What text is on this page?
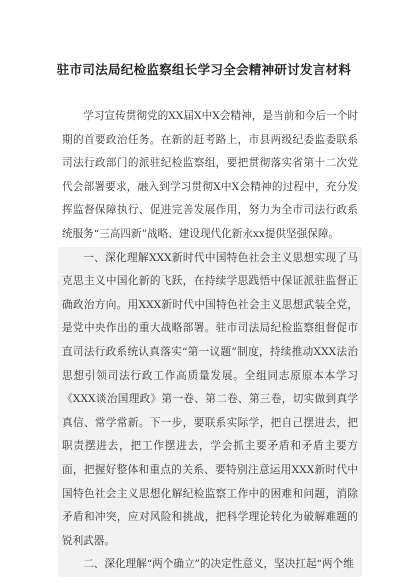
驻市司法局纪检监察组长学习全会精神研讨发言材料

学习宣传贯彻党的XX届X中X会精神，是当前和今后一个时期的首要政治任务。在新的赶考路上，市县两级纪委监委联系司法行政部门的派驻纪检监察组，要把贯彻落实省第十二次党代会部署要求，融入到学习贯彻X中X会精神的过程中，充分发挥监督保障执行、促进完善发展作用，努力为全市司法行政系统服务“三高四新”战略、建设现代化新永xx提供坚强保障。

一、深化理解XXX新时代中国特色社会主义思想实现了马克思主义中国化新的飞跃，在持续学思践悟中保证派驻监督正确政治方向。用XXX新时代中国特色社会主义思想武装全党，是党中央作出的重大战略部署。驻市司法局纪检监察组督促市直司法行政系统认真落实“第一议题”制度，持续推动XXX法治思想引领司法行政工作高质量发展。全组同志原原本本学习《XXX谈治国理政》第一卷、第二卷、第三卷，切实做到真学真信、常学常新。下一步，要联系实际学，把自己摆进去，把职责摆进去，把工作摆进去，学会抓主要矛盾和矛盾主要方面，把握好整体和重点的关系、要特别注意运用XXX新时代中国特色社会主义思想化解纪检监察工作中的困难和问题，消除矛盾和冲突，应对风险和挑战，把科学理论转化为破解难题的锐利武器。

二、深化理解“两个确立”的决定性意义，坚决扛起“两个维
